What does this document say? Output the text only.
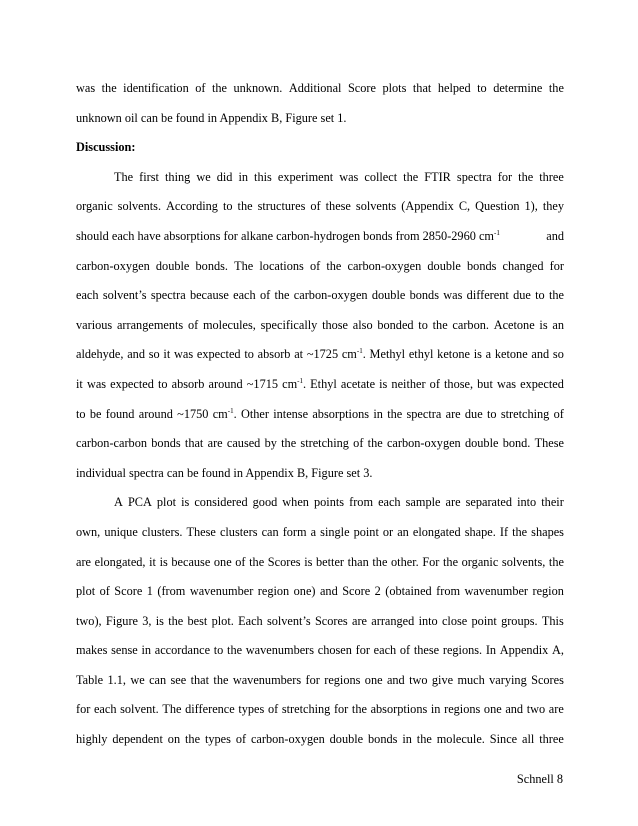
was the identification of the unknown. Additional Score plots that helped to determine the
unknown oil can be found in Appendix B, Figure set 1.
Discussion:
The first thing we did in this experiment was collect the FTIR spectra for the three
organic solvents. According to the structures of these solvents (Appendix C, Question 1), they
should each have absorptions for alkane carbon-hydrogen bonds from 2850-2960 $cm^{-1}$	and
carbon-oxygen double bonds. The locations of the carbon-oxygen double bonds changed for
each solvent’s spectra because each of the carbon-oxygen double bonds was different due to the
various arrangements of molecules, specifically those also bonded to the carbon. Acetone is an
aldehyde, and so it was expected to absorb at ~1725 $cm^{-1}$. Methyl ethyl ketone is a ketone and so
it was expected to absorb around ~1715 $cm^{-1}$. Ethyl acetate is neither of those, but was expected
to be found around ~1750 $cm^{-1}$. Other intense absorptions in the spectra are due to stretching of
carbon-carbon bonds that are caused by the stretching of the carbon-oxygen double bond. These
individual spectra can be found in Appendix B, Figure set 3.
A PCA plot is considered good when points from each sample are separated into their
own, unique clusters. These clusters can form a single point or an elongated shape. If the shapes
are elongated, it is because one of the Scores is better than the other. For the organic solvents, the
plot of Score 1 (from wavenumber region one) and Score 2 (obtained from wavenumber region
two), Figure 3, is the best plot. Each solvent’s Scores are arranged into close point groups. This
makes sense in accordance to the wavenumbers chosen for each of these regions. In Appendix A,
Table 1.1, we can see that the wavenumbers for regions one and two give much varying Scores
for each solvent. The difference types of stretching for the absorptions in regions one and two are
highly dependent on the types of carbon-oxygen double bonds in the molecule. Since all three
Schnell 8
